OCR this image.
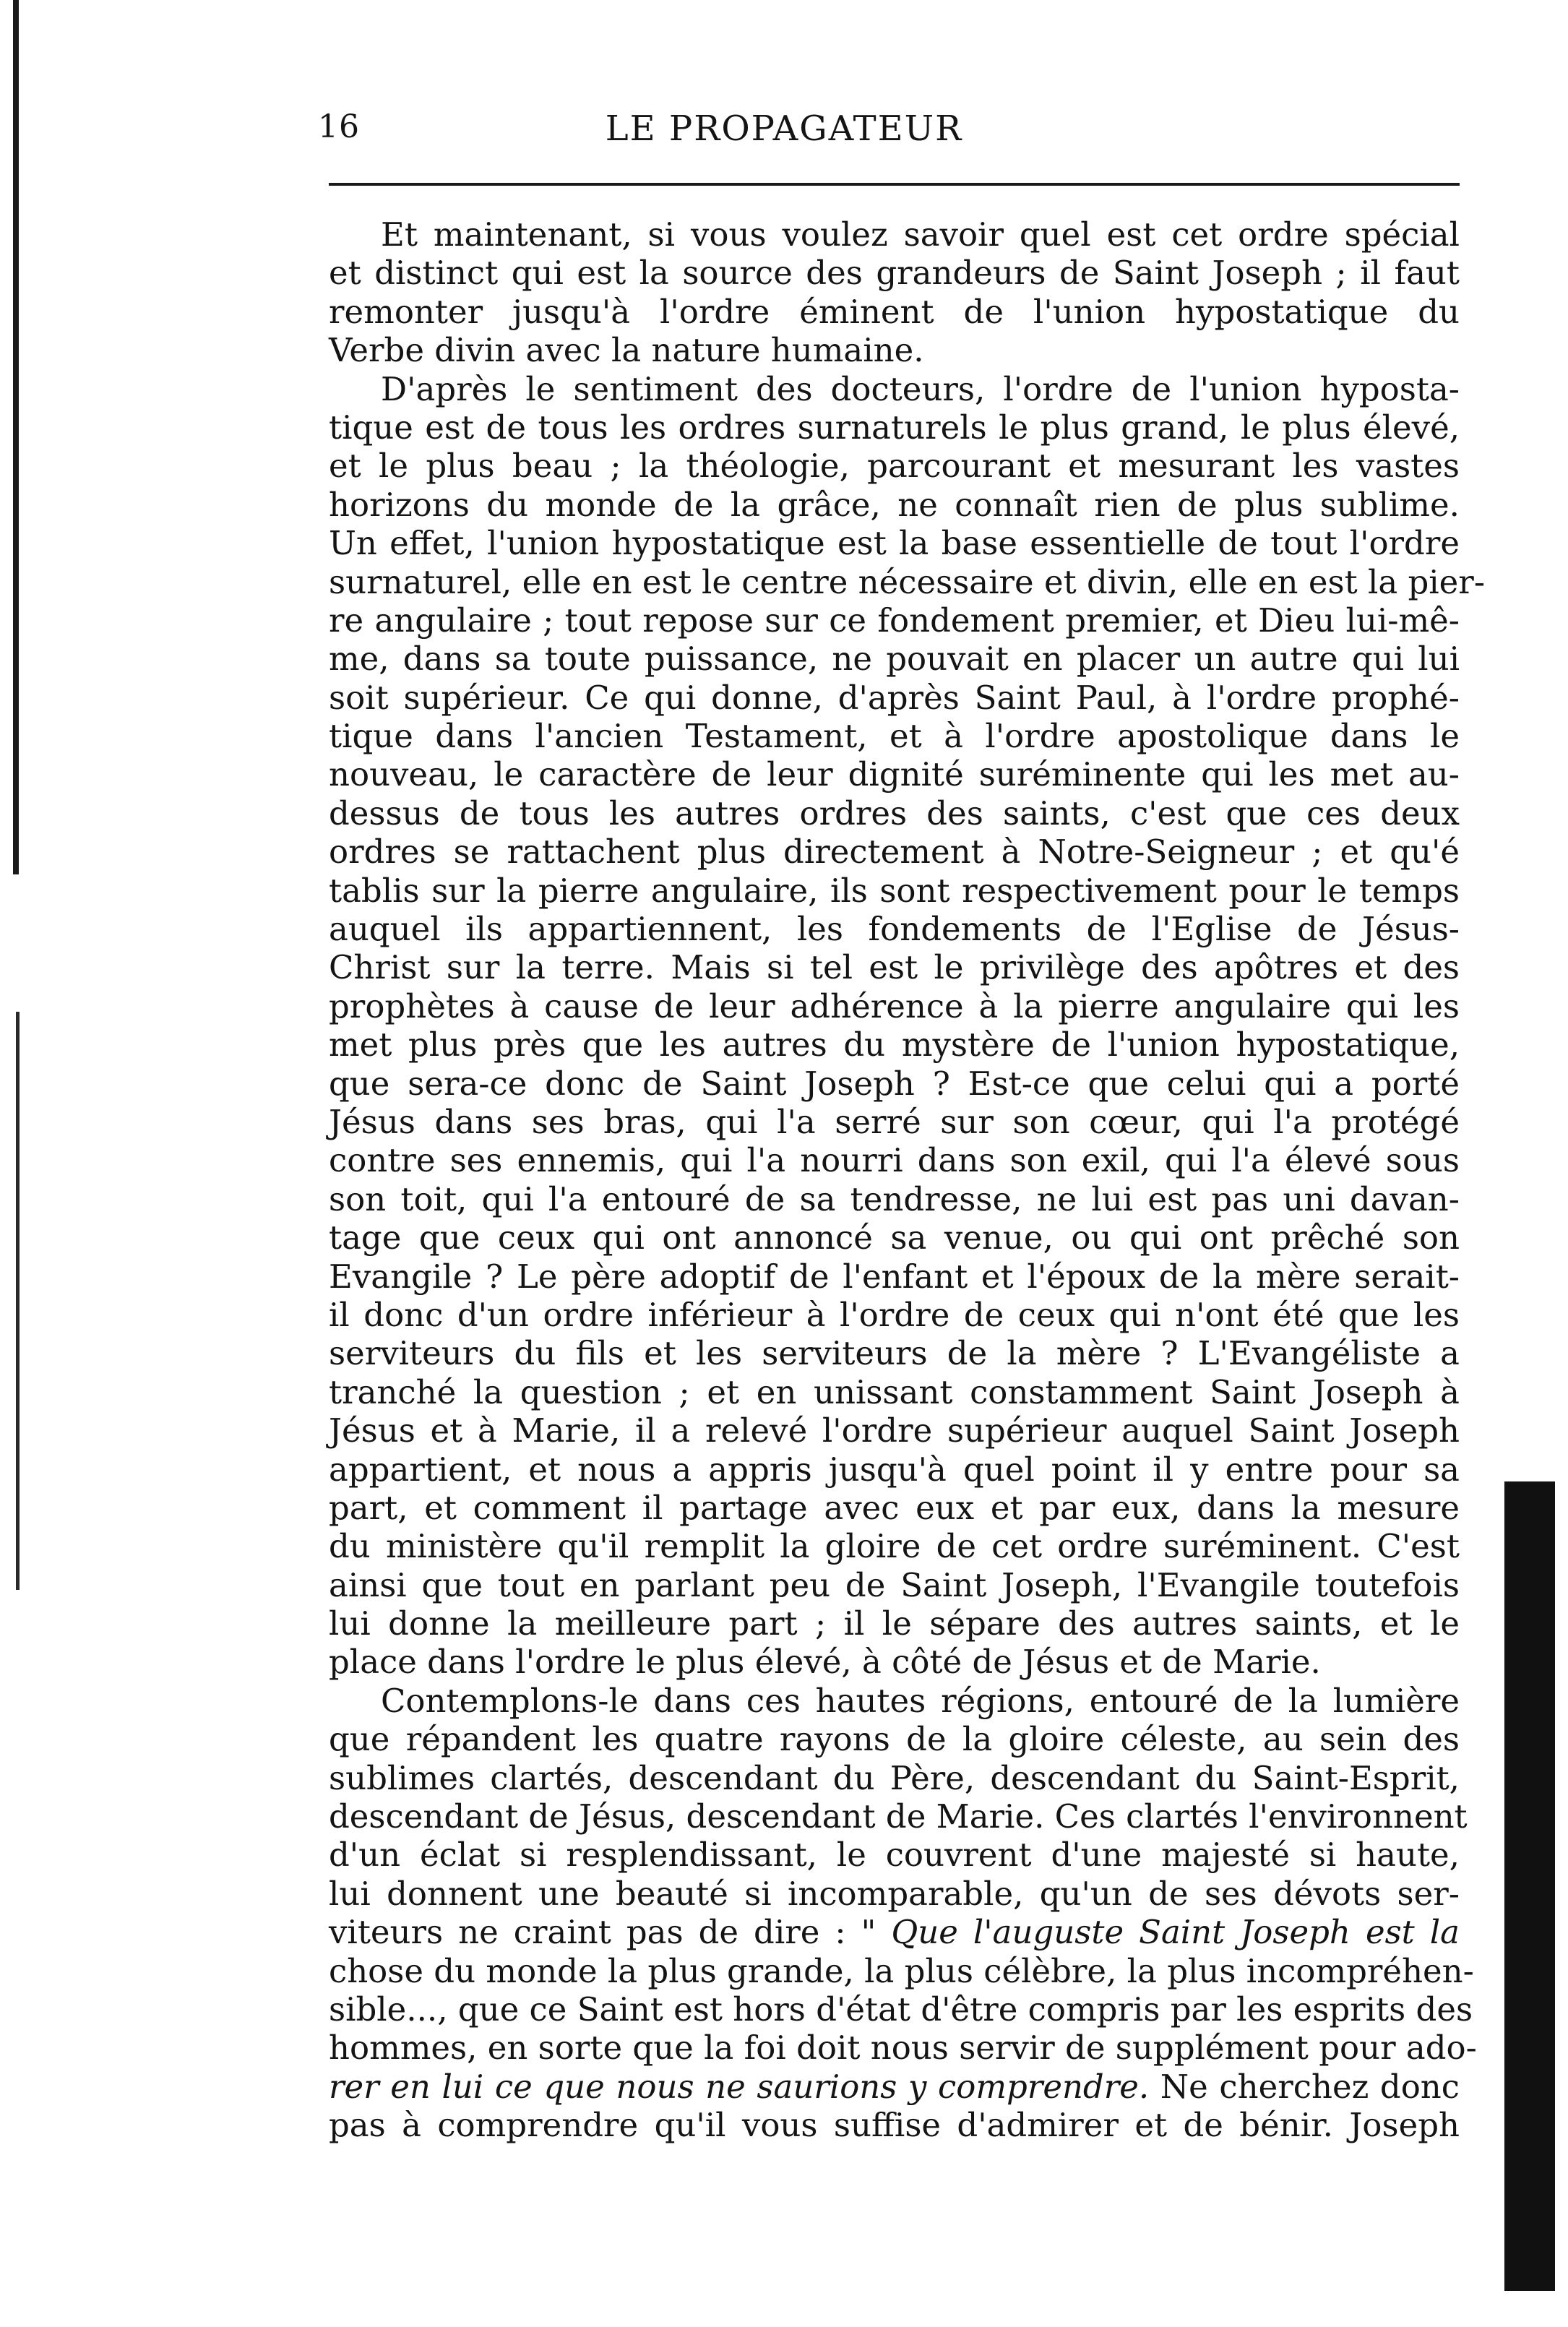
16	LE PROPAGATEUR
Et maintenant, si vous voulez savoir quel est cet ordre spécial
et distinct qui est la source des grandeurs de Saint Joseph ; il faut
remonter jusqu'à l'ordre éminent de l'union hypostatique du
Verbe divin avec la nature humaine.
D'après le sentiment des docteurs, l'ordre de l'union hyposta-
tique est de tous les ordres surnaturels le plus grand, le plus élevé,
et le plus beau ; la théologie, parcourant et mesurant les vastes
horizons du monde de la grâce, ne connaît rien de plus sublime.
Un effet, l'union hypostatique est la base essentielle de tout l'ordre
surnaturel, elle en est le centre nécessaire et divin, elle en est la pier-
re angulaire ; tout repose sur ce fondement premier, et Dieu lui-mê-
me, dans sa toute puissance, ne pouvait en placer un autre qui lui
soit supérieur. Ce qui donne, d'après Saint Paul, à l'ordre prophé-
tique dans l'ancien Testament, et à l'ordre apostolique dans le
nouveau, le caractère de leur dignité suréminente qui les met au-
dessus de tous les autres ordres des saints, c'est que ces deux
ordres se rattachent plus directement à Notre-Seigneur ; et qu'é
tablis sur la pierre angulaire, ils sont respectivement pour le temps
auquel ils appartiennent, les fondements de l'Eglise de Jésus-
Christ sur la terre. Mais si tel est le privilège des apôtres et des
prophètes à cause de leur adhérence à la pierre angulaire qui les
met plus près que les autres du mystère de l'union hypostatique,
que sera-ce donc de Saint Joseph ? Est-ce que celui qui a porté
Jésus dans ses bras, qui l'a serré sur son cœur, qui l'a protégé
contre ses ennemis, qui l'a nourri dans son exil, qui l'a élevé sous
son toit, qui l'a entouré de sa tendresse, ne lui est pas uni davan-
tage que ceux qui ont annoncé sa venue, ou qui ont prêché son
Evangile ? Le père adoptif de l'enfant et l'époux de la mère serait-
il donc d'un ordre inférieur à l'ordre de ceux qui n'ont été que les
serviteurs du fils et les serviteurs de la mère ? L'Evangéliste a
tranché la question ; et en unissant constamment Saint Joseph à
Jésus et à Marie, il a relevé l'ordre supérieur auquel Saint Joseph
appartient, et nous a appris jusqu'à quel point il y entre pour sa
part, et comment il partage avec eux et par eux, dans la mesure
du ministère qu'il remplit la gloire de cet ordre suréminent. C'est
ainsi que tout en parlant peu de Saint Joseph, l'Evangile toutefois
lui donne la meilleure part ; il le sépare des autres saints, et le
place dans l'ordre le plus élevé, à côté de Jésus et de Marie.
Contemplons-le dans ces hautes régions, entouré de la lumière
que répandent les quatre rayons de la gloire céleste, au sein des
sublimes clartés, descendant du Père, descendant du Saint-Esprit,
descendant de Jésus, descendant de Marie. Ces clartés l'environnent
d'un éclat si resplendissant, le couvrent d'une majesté si haute,
lui donnent une beauté si incomparable, qu'un de ses dévots ser-
viteurs ne craint pas de dire : " Que l'auguste Saint Joseph est la
chose du monde la plus grande, la plus célèbre, la plus incompréhen-
sible..., que ce Saint est hors d'état d'être compris par les esprits des
hommes, en sorte que la foi doit nous servir de supplément pour ado-
rer en lui ce que nous ne saurions y comprendre. Ne cherchez donc
pas à comprendre qu'il vous suffise d'admirer et de bénir. Joseph
